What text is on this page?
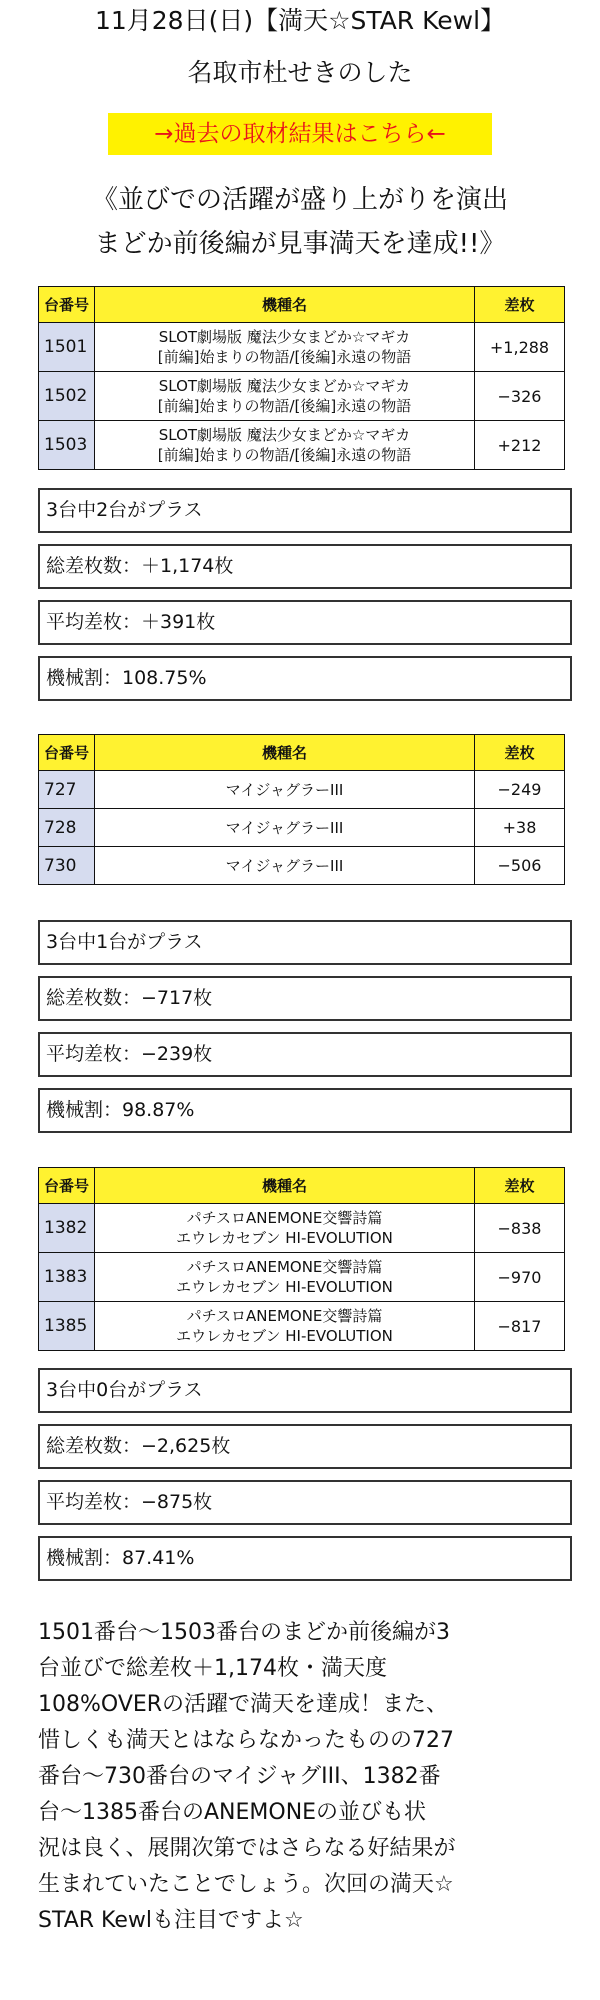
11月28日(日)【満天☆STAR Kewl】
名取市杜せきのした
→過去の取材結果はこちら←
《並びでの活躍が盛り上がりを演出
まどか前後編が見事満天を達成!!》
台番号	機種名	差枚
1501	SLOT劇場版 魔法少女まどか☆マギカ
[前編]始まりの物語/[後編]永遠の物語	+1,288
1502	SLOT劇場版 魔法少女まどか☆マギカ
[前編]始まりの物語/[後編]永遠の物語	−326
1503	SLOT劇場版 魔法少女まどか☆マギカ
[前編]始まりの物語/[後編]永遠の物語	+212
3台中2台がプラス
総差枚数：＋1,174枚
平均差枚：＋391枚
機械割：108.75%
台番号	機種名	差枚
727	マイジャグラーIII	−249
728	マイジャグラーIII	+38
730	マイジャグラーIII	−506
3台中1台がプラス
総差枚数：−717枚
平均差枚：−239枚
機械割：98.87%
台番号	機種名	差枚
1382	パチスロANEMONE交響詩篇
エウレカセブン HI-EVOLUTION	−838
1383	パチスロANEMONE交響詩篇
エウレカセブン HI-EVOLUTION	−970
1385	パチスロANEMONE交響詩篇
エウレカセブン HI-EVOLUTION	−817
3台中0台がプラス
総差枚数：−2,625枚
平均差枚：−875枚
機械割：87.41%
1501番台〜1503番台のまどか前後編が3
台並びで総差枚＋1,174枚・満天度
108%OVERの活躍で満天を達成！また、
惜しくも満天とはならなかったものの727
番台〜730番台のマイジャグIII、1382番
台〜1385番台のANEMONEの並びも状
況は良く、展開次第ではさらなる好結果が
生まれていたことでしょう。次回の満天☆
STAR Kewlも注目ですよ☆
